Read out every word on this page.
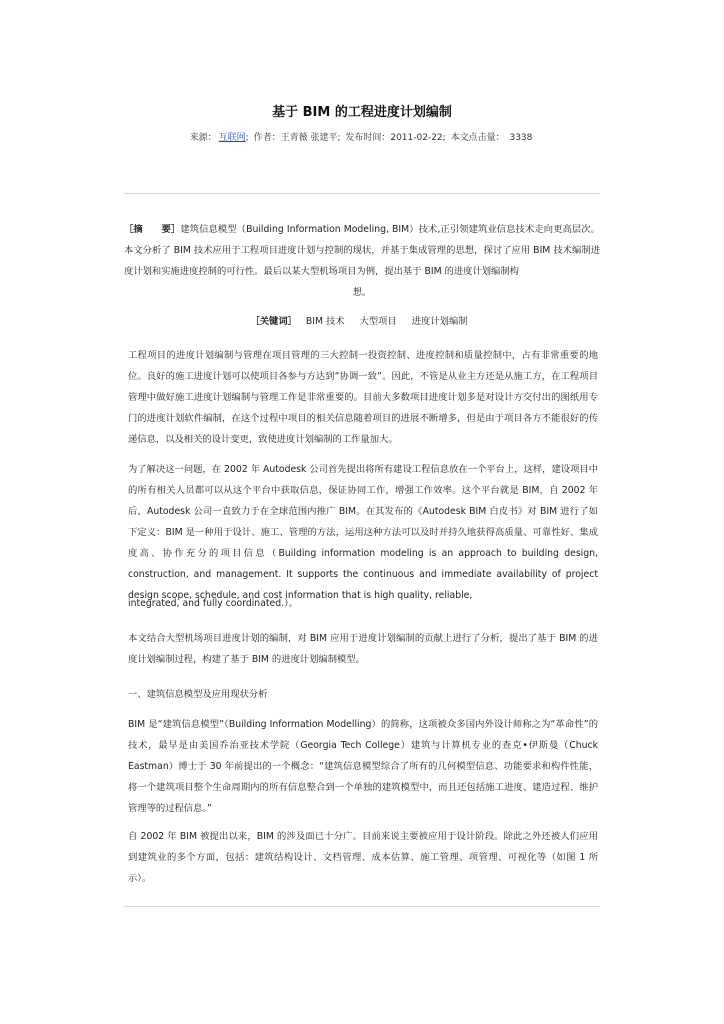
基于 BIM 的工程进度计划编制
来源： 互联网; 作者：王青薇 张建平; 发布时间：2011-02-22; 本文点击量： 3338
［摘　　要］建筑信息模型（Building Information Modeling, BIM）技术,正引领建筑业信息技术走向更高层次。本文分析了 BIM 技术应用于工程项目进度计划与控制的现状，并基于集成管理的思想，探讨了应用 BIM 技术编制进度计划和实施进度控制的可行性。最后以某大型机场项目为例，提出基于 BIM 的进度计划编制构
想。
［关键词］ BIM 技术 大型项目 进度计划编制

工程项目的进度计划编制与管理在项目管理的三大控制一投资控制、进度控制和质量控制中，占有非常重要的地位。良好的施工进度计划可以使项目各参与方达到“协调一致”。因此，不管是从业主方还是从施工方，在工程项目管理中做好施工进度计划编制与管理工作是非常重要的。目前大多数项目进度计划多是对设计方交付出的图纸用专门的进度计划软件编制，在这个过程中项目的相关信息随着项目的进展不断增多，但是由于项目各方不能很好的传递信息，以及相关的设计变更，致使进度计划编制的工作量加大。

为了解决这一问题，在 2002 年 Autodesk 公司首先提出将所有建设工程信息放在一个平台上，这样，建设项目中的所有相关人员都可以从这个平台中获取信息，保证协同工作，增强工作效率。这个平台就是 BIM，自 2002 年后，Autodesk 公司一直致力于在全球范围内推广 BIM。在其发布的《Autodesk BIM 白皮书》对 BIM 进行了如下定义：BIM 是一种用于设计、施工、管理的方法，运用这种方法可以及时并持久地获得高质量、可靠性好、集成度高、协作充分的项目信息（Building information modeling is an approach to building design, construction, and management. It supports the continuous and immediate availability of project design scope, schedule, and cost information that is high quality, reliable,

integrated, and fully coordinated.）。

本文结合大型机场项目进度计划的编制，对 BIM 应用于进度计划编制的贡献上进行了分析，提出了基于 BIM 的进度计划编制过程，构建了基于 BIM 的进度计划编制模型。

一、建筑信息模型及应用现状分析

BIM 是“建筑信息模型”（Building Information Modelling）的简称，这项被众多国内外设计师称之为“革命性”的技术，最早是由美国乔治亚技术学院（Georgia Tech College）建筑与计算机专业的查克•伊斯曼（Chuck Eastman）博士于 30 年前提出的一个概念：“建筑信息模型综合了所有的几何模型信息、功能要求和构件性能，将一个建筑项目整个生命周期内的所有信息整合到一个单独的建筑模型中，而且还包括施工进度、建造过程、维护管理等的过程信息。”

自 2002 年 BIM 被提出以来，BIM 的涉及面已十分广。目前来说主要被应用于设计阶段。除此之外还被人们应用到建筑业的多个方面，包括：建筑结构设计、文档管理、成本估算、施工管理、项管理、可视化等（如图 1 所示）。
